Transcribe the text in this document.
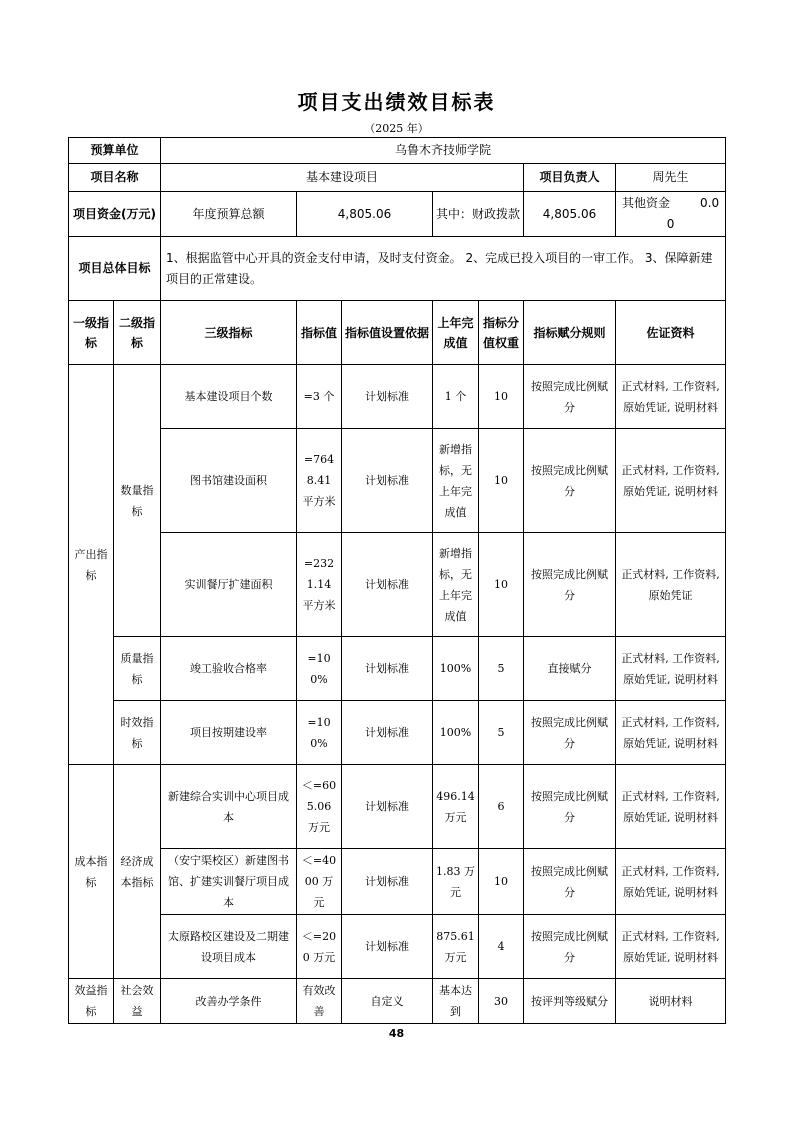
项目支出绩效目标表
（2025 年）
预算单位		乌鲁木齐技师学院						
项目名称		基本建设项目					项目负责人	周先生
项目资金(万元)		年度预算总额	4,805.06		其中：财政拨款		4,805.06	其他资金 0.00
项目总体目标		1、根据监管中心开具的资金支付申请，及时支付资金。 2、完成已投入项目的一审工作。 3、保障新建项目的正常建设。						
一级指标	二级指标	三级指标	指标值	指标值设置依据	上年完成值	指标分值权重	指标赋分规则	佐证资料
产出指标	数量指标	基本建设项目个数	=3 个	计划标准	1 个	10	按照完成比例赋分	正式材料, 工作资料, 原始凭证, 说明材料
		图书馆建设面积	=7648.41 平方米	计划标准	新增指标，无上年完成值	10	按照完成比例赋分	正式材料, 工作资料, 原始凭证, 说明材料
		实训餐厅扩建面积	=2321.14 平方米	计划标准	新增指标，无上年完成值	10	按照完成比例赋分	正式材料, 工作资料, 原始凭证
	质量指标	竣工验收合格率	=100%	计划标准	100%	5	直接赋分	正式材料, 工作资料, 原始凭证, 说明材料
	时效指标	项目按期建设率	=100%	计划标准	100%	5	按照完成比例赋分	正式材料, 工作资料, 原始凭证, 说明材料
成本指标	经济成本指标	新建综合实训中心项目成本	＜=605.06 万元	计划标准	496.14 万元	6	按照完成比例赋分	正式材料, 工作资料, 原始凭证, 说明材料
		（安宁渠校区）新建图书馆、扩建实训餐厅项目成本	＜=4000 万元	计划标准	1.83 万元	10	按照完成比例赋分	正式材料, 工作资料, 原始凭证, 说明材料
		太原路校区建设及二期建设项目成本	＜=200 万元	计划标准	875.61 万元	4	按照完成比例赋分	正式材料, 工作资料, 原始凭证, 说明材料
效益指标	社会效益	改善办学条件	有效改善	自定义	基本达到	30	按评判等级赋分	说明材料
48
